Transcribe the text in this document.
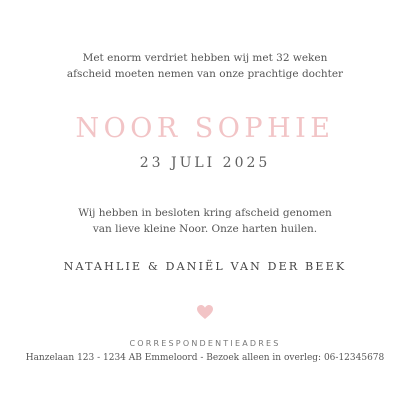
Met enorm verdriet hebben wij met 32 weken
afscheid moeten nemen van onze prachtige dochter
NOOR SOPHIE
23 JULI 2025
Wij hebben in besloten kring afscheid genomen
van lieve kleine Noor. Onze harten huilen.
NATAHLIE & DANIËL VAN DER BEEK
CORRESPONDENTIEADRES
Hanzelaan 123 - 1234 AB Emmeloord - Bezoek alleen in overleg: 06-12345678
